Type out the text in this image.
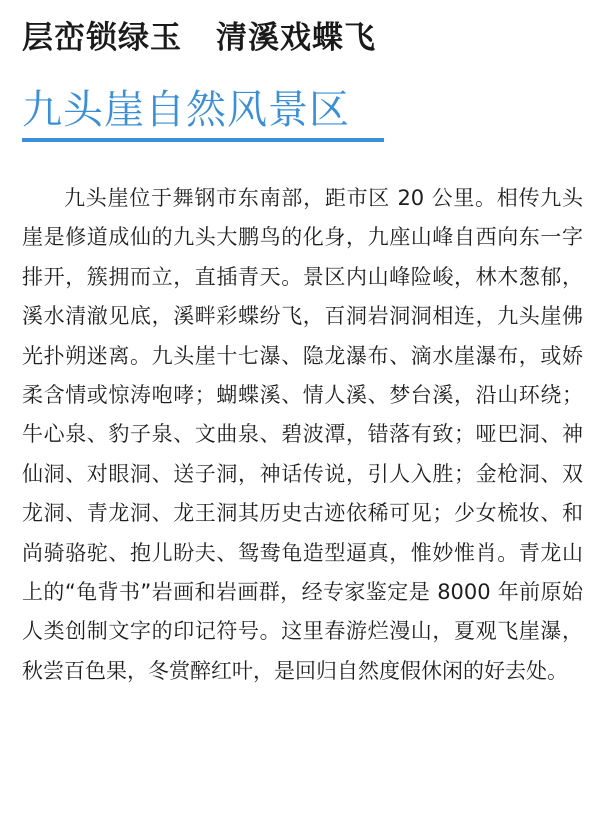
层峦锁绿玉 清溪戏蝶飞
九头崖自然风景区

九头崖位于舞钢市东南部，距市区 20 公里。相传九头崖是修道成仙的九头大鹏鸟的化身，九座山峰自西向东一字排开，簇拥而立，直插青天。景区内山峰险峻，林木葱郁，溪水清澈见底，溪畔彩蝶纷飞，百洞岩洞洞相连，九头崖佛光扑朔迷离。九头崖十七瀑、隐龙瀑布、滴水崖瀑布，或娇柔含情或惊涛咆哮；蝴蝶溪、情人溪、梦台溪，沿山环绕；牛心泉、豹子泉、文曲泉、碧波潭，错落有致；哑巴洞、神仙洞、对眼洞、送子洞，神话传说，引人入胜；金枪洞、双龙洞、青龙洞、龙王洞其历史古迹依稀可见；少女梳妆、和尚骑骆驼、抱儿盼夫、鸳鸯龟造型逼真，惟妙惟肖。青龙山上的“龟背书”岩画和岩画群，经专家鉴定是 8000 年前原始人类创制文字的印记符号。这里春游烂漫山，夏观飞崖瀑，秋尝百色果，冬赏醉红叶，是回归自然度假休闲的好去处。
